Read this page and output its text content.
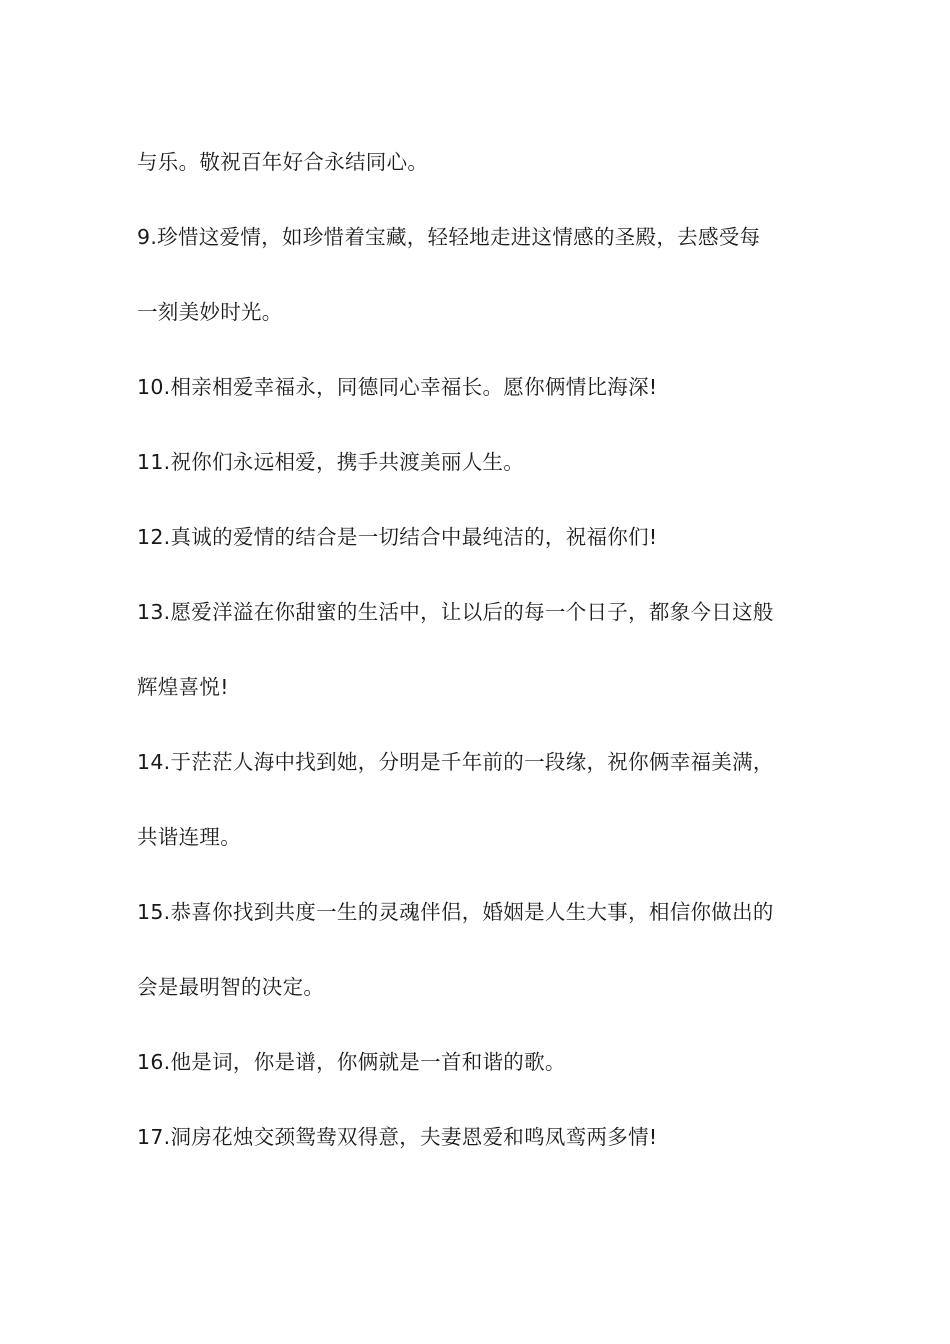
与乐。敬祝百年好合永结同心。
9.珍惜这爱情，如珍惜着宝藏，轻轻地走进这情感的圣殿，去感受每
一刻美妙时光。
10.相亲相爱幸福永，同德同心幸福长。愿你俩情比海深!
11.祝你们永远相爱，携手共渡美丽人生。
12.真诚的爱情的结合是一切结合中最纯洁的，祝福你们!
13.愿爱洋溢在你甜蜜的生活中，让以后的每一个日子，都象今日这般
辉煌喜悦!
14.于茫茫人海中找到她，分明是千年前的一段缘，祝你俩幸福美满，
共谐连理。
15.恭喜你找到共度一生的灵魂伴侣，婚姻是人生大事，相信你做出的
会是最明智的决定。
16.他是词，你是谱，你俩就是一首和谐的歌。
17.洞房花烛交颈鸳鸯双得意，夫妻恩爱和鸣凤鸾两多情!
